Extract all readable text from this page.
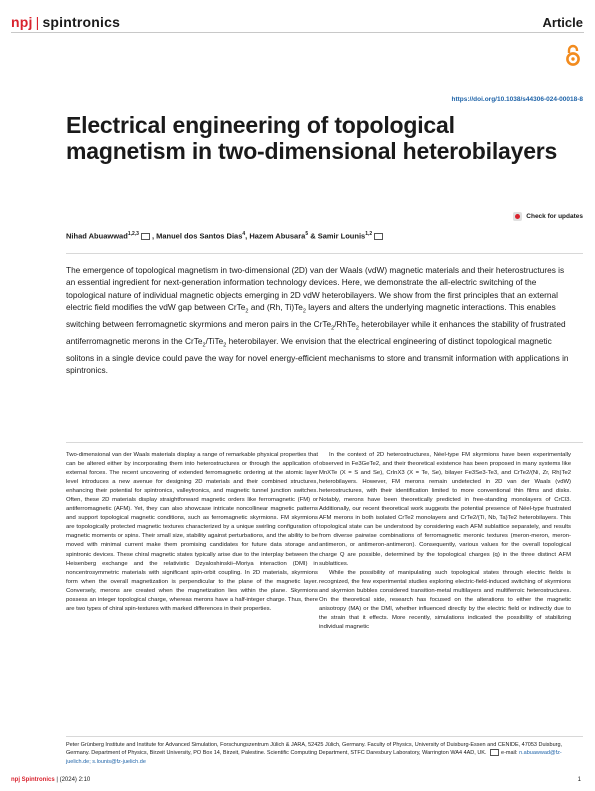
npj | spintronics	Article
https://doi.org/10.1038/s44306-024-00018-8
Electrical engineering of topological magnetism in two-dimensional heterobilayers
Check for updates
Nihad Abuawwad$^{1,2,3}$ , Manuel dos Santos Dias$^4$, Hazem Abusara$^5$ & Samir Lounis$^{1,2}$

The emergence of topological magnetism in two-dimensional (2D) van der Waals (vdW) magnetic materials and their heterostructures is an essential ingredient for next-generation information technology devices. Here, we demonstrate the all-electric switching of the topological nature of individual magnetic objects emerging in 2D vdW heterobilayers. We show from the first principles that an external electric field modifies the vdW gap between CrTe$_2$ and (Rh, $Ti)Te_2$ layers and alters the underlying magnetic interactions. This enables switching between ferromagnetic skyrmions and meron pairs in the CrTe$_2$/RhTe$_2$ heterobilayer while it enhances the stability of frustrated antiferromagnetic merons in the CrTe$_2$/TiTe$_2$ heterobilayer. We envision that the electrical engineering of distinct topological magnetic solitons in a single device could pave the way for novel energy-efficient mechanisms to store and transmit information with applications in spintronics.

Two-dimensional van der Waals materials display a range of remarkable physical properties that can be altered either by incorporating them into heterostructures or through the application of external forces. The recent uncovering of extended ferromagnetic ordering at the atomic layer level introduces a new avenue for designing 2D materials and their combined structures, enhancing their potential for spintronics, valleytronics, and magnetic tunnel junction switches. Often, these 2D materials display straightforward magnetic orders like ferromagnetic (FM) or antiferromagnetic (AFM). Yet, they can also showcase intricate noncollinear magnetic patterns and support topological magnetic conditions, such as ferromagnetic skyrmions. FM skyrmions are topologically protected magnetic textures characterized by a unique swirling configuration of magnetic moments or spins. Their small size, stability against perturbations, and the ability to be moved with minimal current make them promising candidates for future data storage and spintronic devices. These chiral magnetic states typically arise due to the interplay between the Heisenberg exchange and the relativistic Dzyaloshinskii–Moriya interaction (DMI) in noncentrosymmetric materials with significant spin-orbit coupling. In 2D materials, skyrmions form when the overall magnetization is perpendicular to the plane of the magnetic layer. Conversely, merons are created when the magnetization lies within the plane. Skyrmions possess an integer topological charge, whereas merons have a half-integer charge. Thus, there are two types of chiral spin-textures with marked differences in their properties.

In the context of 2D heterostructures, Néel-type FM skyrmions have been experimentally observed in Fe3GeTe2, and their theoretical existence has been proposed in many systems like MnXTe (X = S and Se), CrInX3 (X = Te, Se), bilayer Fe3Se3-Te3, and CrTe2/(Ni, Zr, Rh)Te2 heterobilayers. However, FM merons remain undetected in 2D van der Waals (vdW) heterostructures, with their identification limited to more conventional thin films and disks. Notably, merons have been theoretically predicted in free-standing monolayers of CrCl3. Additionally, our recent theoretical work suggests the potential presence of Néel-type frustrated AFM merons in both isolated CrTe2 monolayers and CrTe2/(Ti, Nb, Ta)Te2 heterobilayers. This topological state can be understood by considering each AFM sublattice separately, and results from diverse pairwise combinations of ferromagnetic meronic textures (meron-meron, meron-antimeron, or antimeron-antimeron). Consequently, various values for the overall topological charge Q are possible, determined by the topological charges (q) in the three distinct AFM sublattices.
While the possibility of manipulating such topological states through electric fields is recognized, the few experimental studies exploring electric-field-induced switching of skyrmions and skyrmion bubbles considered transition-metal multilayers and multiferroic heterostructures. On the theoretical side, research has focused on the alterations to either the magnetic anisotropy (MA) or the DMI, whether influenced directly by the electric field or indirectly due to the strain that it effects. More recently, simulations indicated the possibility of stabilizing individual magnetic

Peter Grünberg Institute and Institute for Advanced Simulation, Forschungszentrum Jülich & JARA, 52425 Jülich, Germany. Faculty of Physics, University of Duisburg-Essen and CENIDE, 47053 Duisburg, Germany. Department of Physics, Birzeit University, PO Box 14, Birzeit, Palestine. Scientific Computing Department, STFC Daresbury Laboratory, Warrington WA4 4AD, UK.	e-mail: n.abuawwad@fz-juelich.de; s.lounis@fz-juelich.de

npj Spintronics | (2024) 2:10	1
